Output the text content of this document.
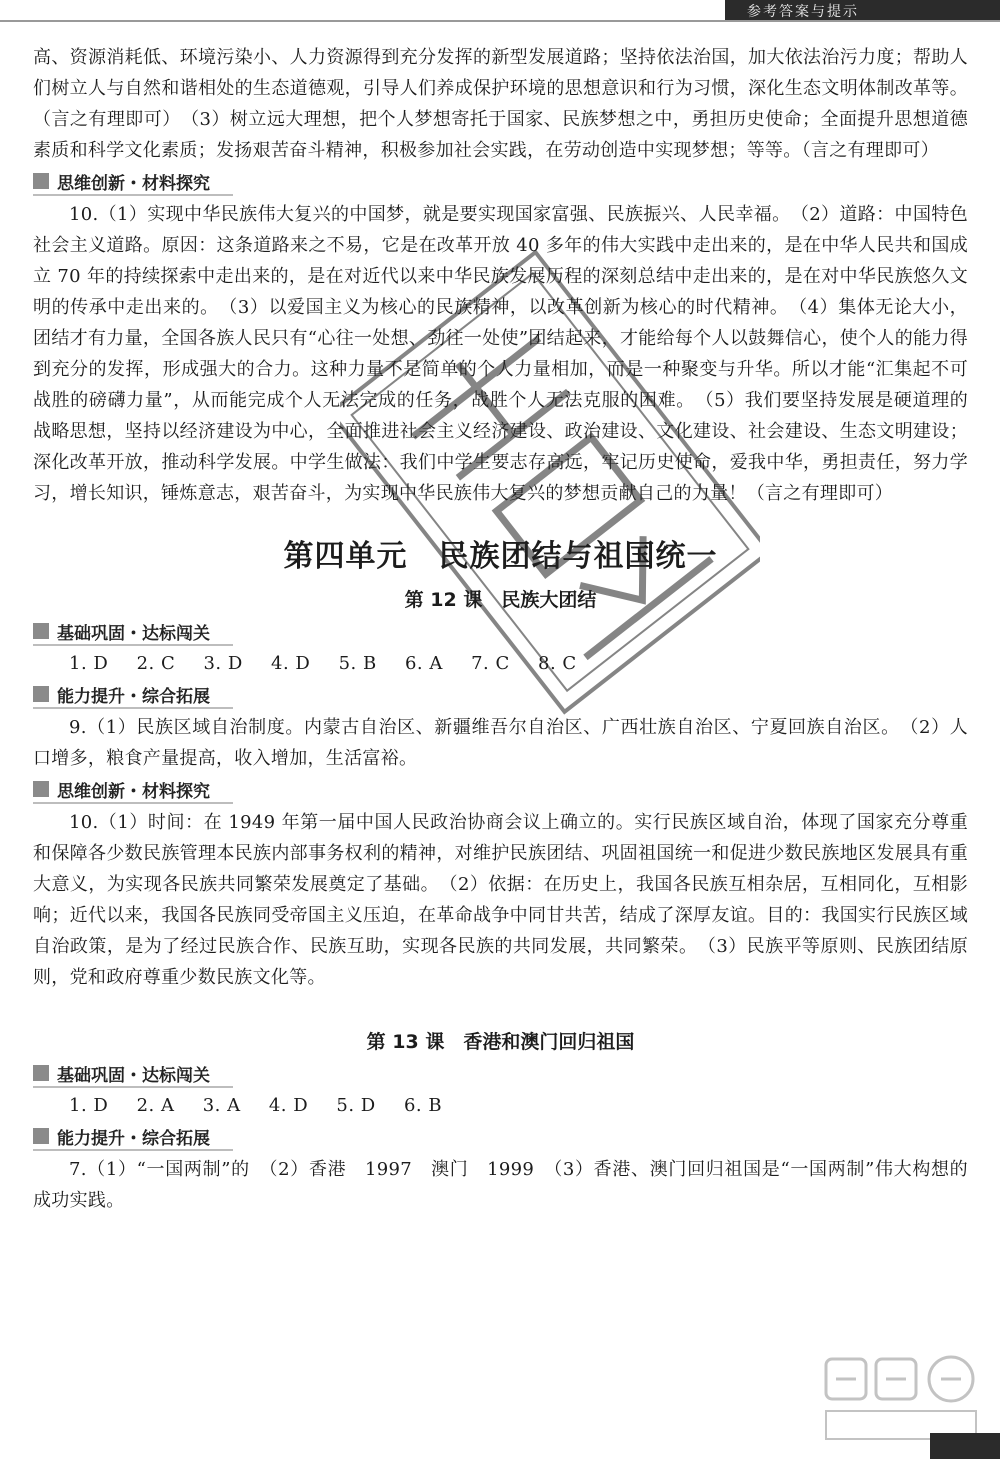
参考答案与提示

高、资源消耗低、环境污染小、人力资源得到充分发挥的新型发展道路；坚持依法治国，加大依法治污力度；帮助人们树立人与自然和谐相处的生态道德观，引导人们养成保护环境的思想意识和行为习惯，深化生态文明体制改革等。（言之有理即可）　（3）树立远大理想，把个人梦想寄托于国家、民族梦想之中，勇担历史使命；全面提升思想道德素质和科学文化素质；发扬艰苦奋斗精神，积极参加社会实践，在劳动创造中实现梦想；等等。（言之有理即可）

思维创新・材料探究

10.（1）实现中华民族伟大复兴的中国梦，就是要实现国家富强、民族振兴、人民幸福。　（2）道路：中国特色社会主义道路。原因：这条道路来之不易，它是在改革开放 40 多年的伟大实践中走出来的，是在中华人民共和国成立 70 年的持续探索中走出来的，是在对近代以来中华民族发展历程的深刻总结中走出来的，是在对中华民族悠久文明的传承中走出来的。　（3）以爱国主义为核心的民族精神，以改革创新为核心的时代精神。　（4）集体无论大小，团结才有力量，全国各族人民只有“心往一处想、劲往一处使”团结起来，才能给每个人以鼓舞信心，使个人的能力得到充分的发挥，形成强大的合力。这种力量不是简单的个人力量相加，而是一种聚变与升华。所以才能“汇集起不可战胜的磅礴力量”，从而能完成个人无法完成的任务，战胜个人无法克服的困难。　（5）我们要坚持发展是硬道理的战略思想，坚持以经济建设为中心，全面推进社会主义经济建设、政治建设、文化建设、社会建设、生态文明建设；深化改革开放，推动科学发展。中学生做法：我们中学生要志存高远，牢记历史使命，爱我中华，勇担责任，努力学习，增长知识，锤炼意志，艰苦奋斗，为实现中华民族伟大复兴的梦想贡献自己的力量！（言之有理即可）

第四单元　民族团结与祖国统一
第 12 课　民族大团结
基础巩固・达标闯关
1. D 2. C 3. D 4. D 5. B 6. A 7. C 8. C
能力提升・综合拓展

9.（1）民族区域自治制度。内蒙古自治区、新疆维吾尔自治区、广西壮族自治区、宁夏回族自治区。　（2）人口增多，粮食产量提高，收入增加，生活富裕。

思维创新・材料探究

10.（1）时间：在 1949 年第一届中国人民政治协商会议上确立的。实行民族区域自治，体现了国家充分尊重和保障各少数民族管理本民族内部事务权利的精神，对维护民族团结、巩固祖国统一和促进少数民族地区发展具有重大意义，为实现各民族共同繁荣发展奠定了基础。　（2）依据：在历史上，我国各民族互相杂居，互相同化，互相影响；近代以来，我国各民族同受帝国主义压迫，在革命战争中同甘共苦，结成了深厚友谊。目的：我国实行民族区域自治政策，是为了经过民族合作、民族互助，实现各民族的共同发展，共同繁荣。　（3）民族平等原则、民族团结原则，党和政府尊重少数民族文化等。

第 13 课　香港和澳门回归祖国
基础巩固・达标闯关
1. D 2. A 3. A 4. D 5. D 6. B
能力提升・综合拓展

7.（1）“一国两制”的　（2）香港　1997　澳门　1999　（3）香港、澳门回归祖国是“一国两制”伟大构想的成功实践。
